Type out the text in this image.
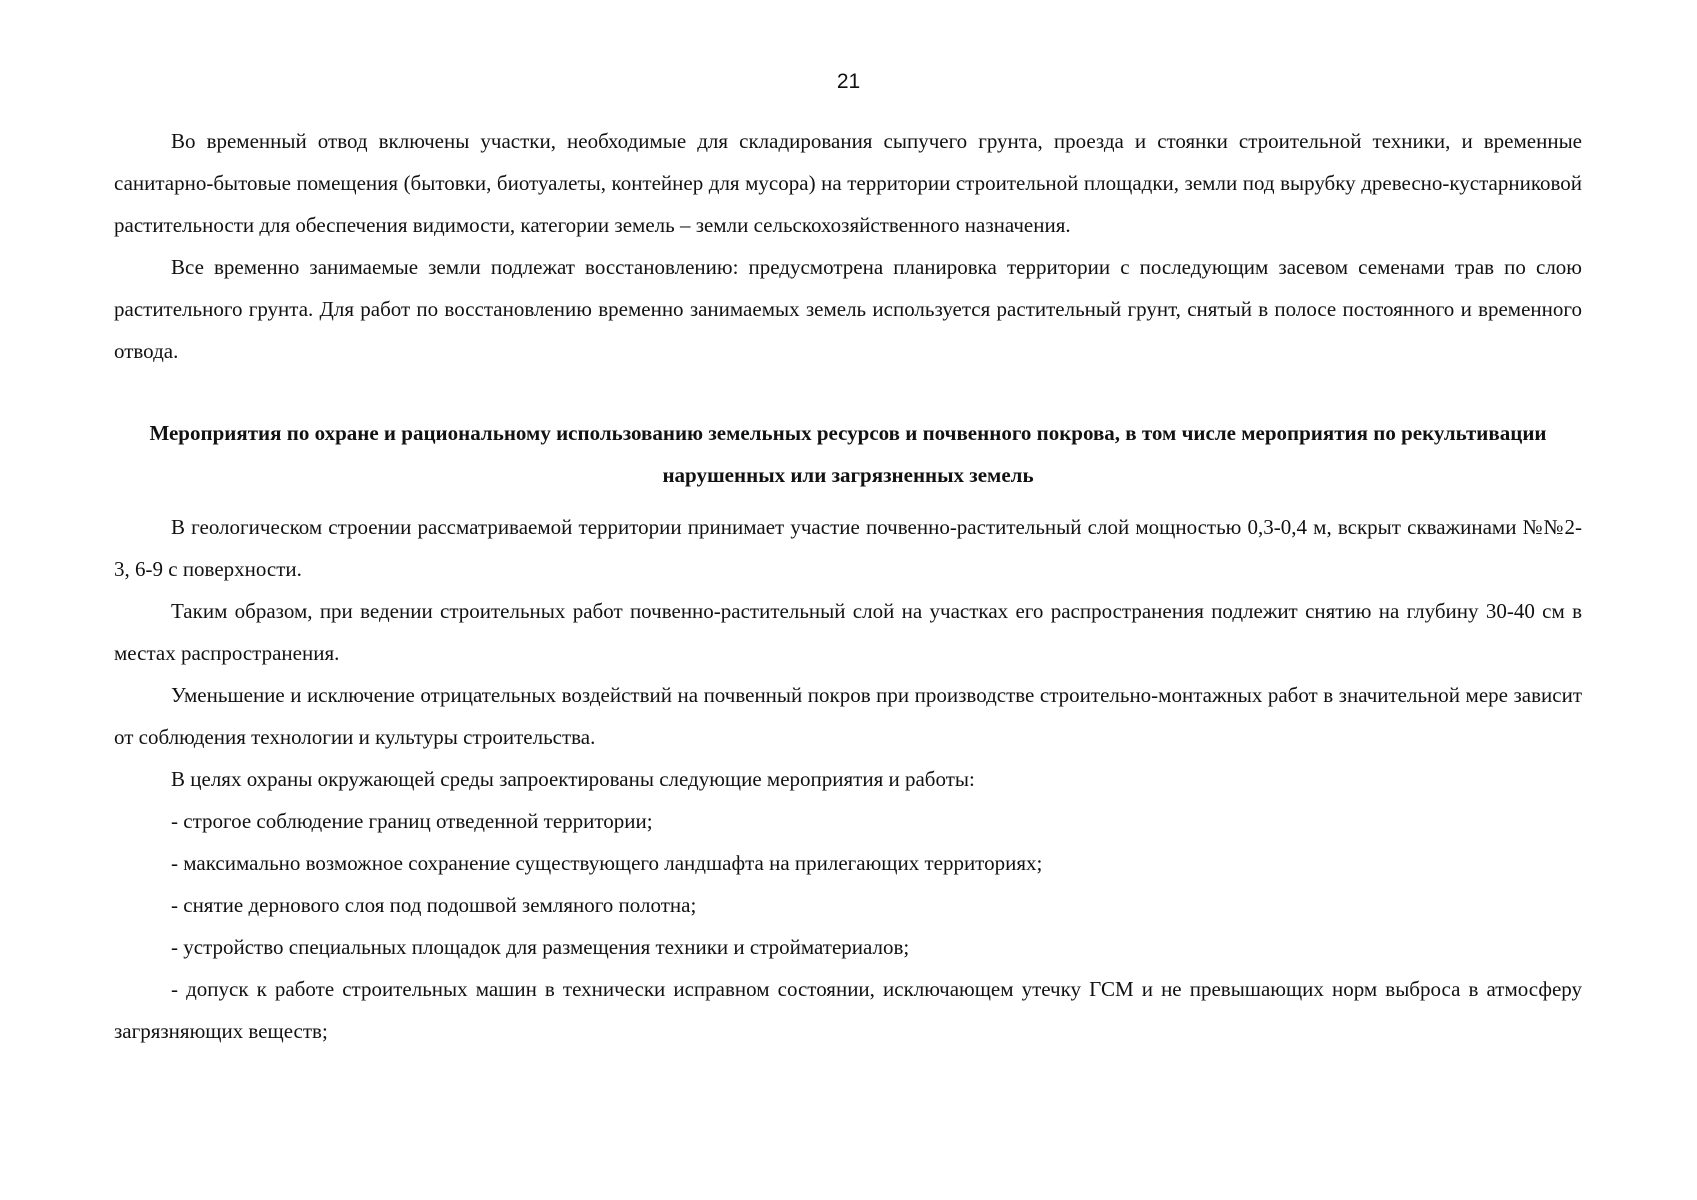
21

Во временный отвод включены участки, необходимые для складирования сыпучего грунта, проезда и стоянки строительной техники, и временные санитарно-бытовые помещения (бытовки, биотуалеты, контейнер для мусора) на территории строительной площадки, земли под вырубку древесно-кустарниковой растительности для обеспечения видимости, категории земель – земли сельскохозяйственного назначения.

Все временно занимаемые земли подлежат восстановлению: предусмотрена планировка территории с последующим засевом семенами трав по слою растительного грунта. Для работ по восстановлению временно занимаемых земель используется растительный грунт, снятый в полосе постоянного и временного отвода.

Мероприятия по охране и рациональному использованию земельных ресурсов и почвенного покрова, в том числе мероприятия по рекультивации нарушенных или загрязненных земель

В геологическом строении рассматриваемой территории принимает участие почвенно-растительный слой мощностью 0,3-0,4 м, вскрыт скважинами №№2-3, 6-9 с поверхности.

Таким образом, при ведении строительных работ почвенно-растительный слой на участках его распространения подлежит снятию на глубину 30-40 см в местах распространения.

Уменьшение и исключение отрицательных воздействий на почвенный покров при производстве строительно-монтажных работ в значительной мере зависит от соблюдения технологии и культуры строительства.

В целях охраны окружающей среды запроектированы следующие мероприятия и работы:

- строгое соблюдение границ отведенной территории;

- максимально возможное сохранение существующего ландшафта на прилегающих территориях;

- снятие дернового слоя под подошвой земляного полотна;

- устройство специальных площадок для размещения техники и стройматериалов;

- допуск к работе строительных машин в технически исправном состоянии, исключающем утечку ГСМ и не превышающих норм выброса в атмосферу загрязняющих веществ;
